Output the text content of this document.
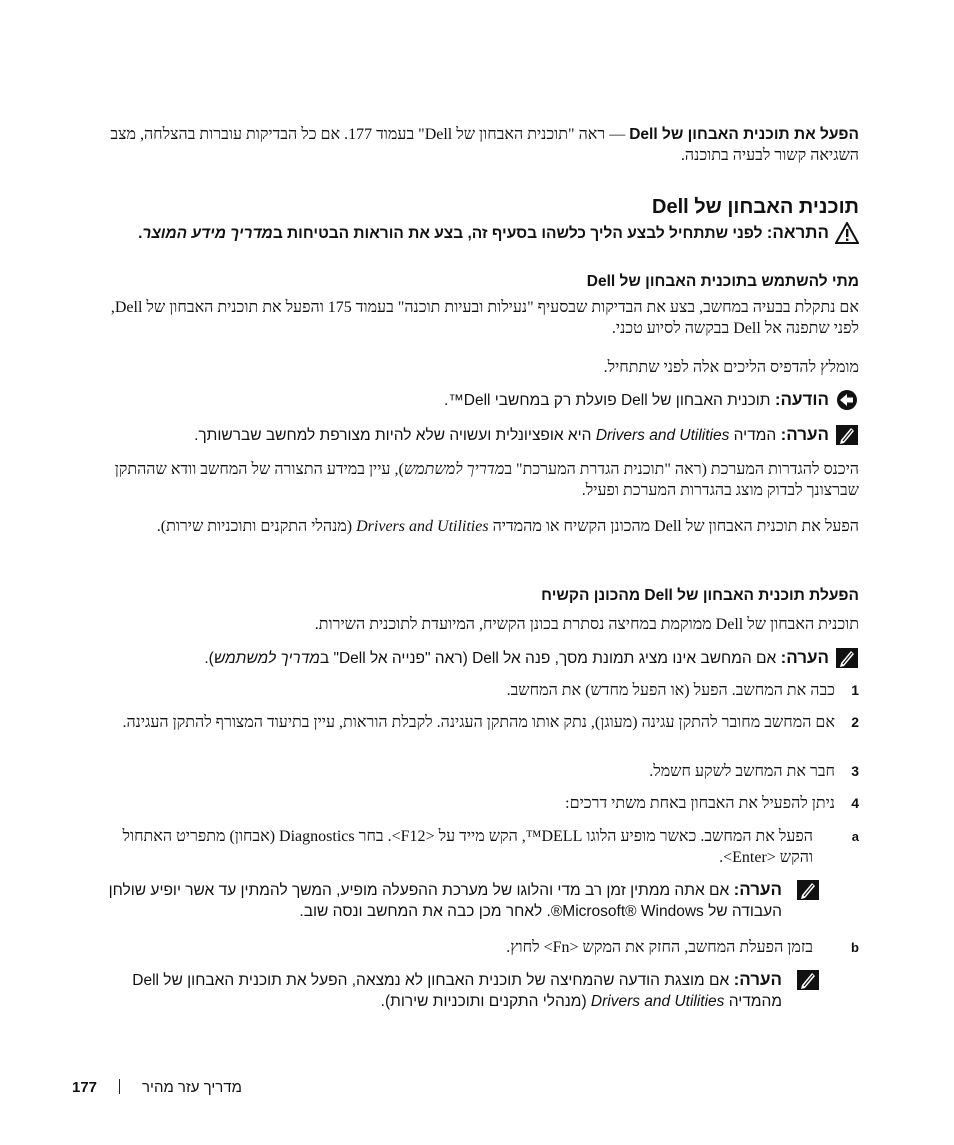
הפעל את תוכנית האבחון של Dell — ראה "תוכנית האבחון של Dell" בעמוד 177. אם כל הבדיקות עוברות בהצלחה, מצב השגיאה קשור לבעיה בתוכנה.
תוכנית האבחון של Dell
התראה: לפני שתתחיל לבצע הליך כלשהו בסעיף זה, בצע את הוראות הבטיחות במדריך מידע המוצר.
מתי להשתמש בתוכנית האבחון של Dell
אם נתקלת בבעיה במחשב, בצע את הבדיקות שבסעיף "נעילות ובעיות תוכנה" בעמוד 175 והפעל את תוכנית האבחון של Dell, לפני שתפנה אל Dell בבקשה לסיוע טכני.
מומלץ להדפיס הליכים אלה לפני שתתחיל.
הודעה: תוכנית האבחון של Dell פועלת רק במחשבי Dell™.
הערה: המדיה Drivers and Utilities היא אופציונלית ועשויה שלא להיות מצורפת למחשב שברשותך.
היכנס להגדרות המערכת (ראה "תוכנית הגדרת המערכת" במדריך למשתמש), עיין במידע התצורה של המחשב וודא שההתקן שברצונך לבדוק מוצג בהגדרות המערכת ופעיל.
הפעל את תוכנית האבחון של Dell מהכונן הקשיח או מהמדיה Drivers and Utilities (מנהלי התקנים ותוכניות שירות).
הפעלת תוכנית האבחון של Dell מהכונן הקשיח
תוכנית האבחון של Dell ממוקמת במחיצה נסתרת בכונן הקשיח, המיועדת לתוכנית השירות.
הערה: אם המחשב אינו מציג תמונת מסך, פנה אל Dell (ראה "פנייה אל Dell" במדריך למשתמש).
1
כבה את המחשב. הפעל (או הפעל מחדש) את המחשב.
2
אם המחשב מחובר להתקן עגינה (מעוגן), נתק אותו מהתקן העגינה. לקבלת הוראות, עיין בתיעוד המצורף להתקן העגינה.
3
חבר את המחשב לשקע חשמל.
4
ניתן להפעיל את האבחון באחת משתי דרכים:
a
הפעל את המחשב. כאשר מופיע הלוגו DELL™, הקש מייד על <F12>. בחר Diagnostics (אבחון) מתפריט האתחול והקש <Enter>.
הערה: אם אתה ממתין זמן רב מדי והלוגו של מערכת ההפעלה מופיע, המשך להמתין עד אשר יופיע שולחן העבודה של Microsoft® Windows®. לאחר מכן כבה את המחשב ונסה שוב.
b
בזמן הפעלת המחשב, החזק את המקש <Fn> לחוץ.
הערה: אם מוצגת הודעה שהמחיצה של תוכנית האבחון לא נמצאה, הפעל את תוכנית האבחון של Dell מהמדיה Drivers and Utilities (מנהלי התקנים ותוכניות שירות).
177	מדריך עזר מהיר
